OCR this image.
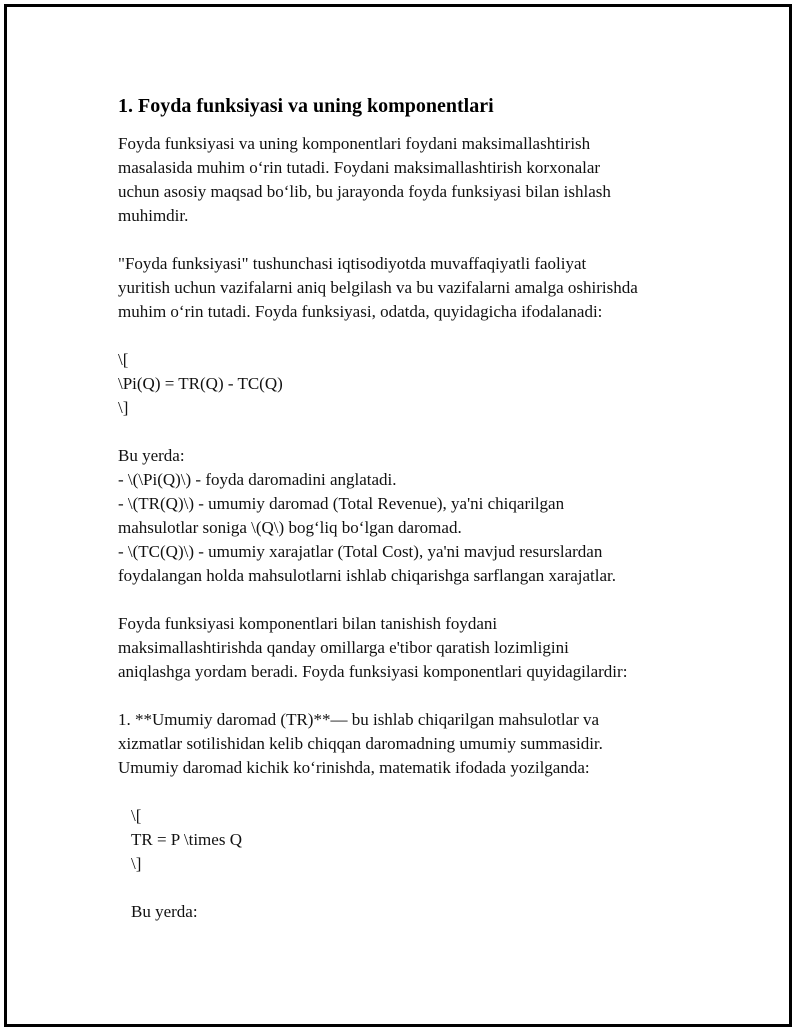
1. Foyda funksiyasi va uning komponentlari

Foyda funksiyasi va uning komponentlari foydani maksimallashtirish
masalasida muhim o‘rin tutadi. Foydani maksimallashtirish korxonalar
uchun asosiy maqsad bo‘lib, bu jarayonda foyda funksiyasi bilan ishlash
muhimdir.

"Foyda funksiyasi" tushunchasi iqtisodiyotda muvaffaqiyatli faoliyat
yuritish uchun vazifalarni aniq belgilash va bu vazifalarni amalga oshirishda
muhim o‘rin tutadi. Foyda funksiyasi, odatda, quyidagicha ifodalanadi:

\[
\Pi(Q) = TR(Q) - TC(Q)
\]

Bu yerda:
- \(\Pi(Q)\) - foyda daromadini anglatadi.
- \(TR(Q)\) - umumiy daromad (Total Revenue), ya'ni chiqarilgan
mahsulotlar soniga \(Q\) bog‘liq bo‘lgan daromad.
- \(TC(Q)\) - umumiy xarajatlar (Total Cost), ya'ni mavjud resurslardan
foydalangan holda mahsulotlarni ishlab chiqarishga sarflangan xarajatlar.

Foyda funksiyasi komponentlari bilan tanishish foydani
maksimallashtirishda qanday omillarga e'tibor qaratish lozimligini
aniqlashga yordam beradi. Foyda funksiyasi komponentlari quyidagilardir:

1. **Umumiy daromad (TR)**— bu ishlab chiqarilgan mahsulotlar va
xizmatlar sotilishidan kelib chiqqan daromadning umumiy summasidir.
Umumiy daromad kichik ko‘rinishda, matematik ifodada yozilganda:

\[
TR = P \times Q
\]

Bu yerda:
